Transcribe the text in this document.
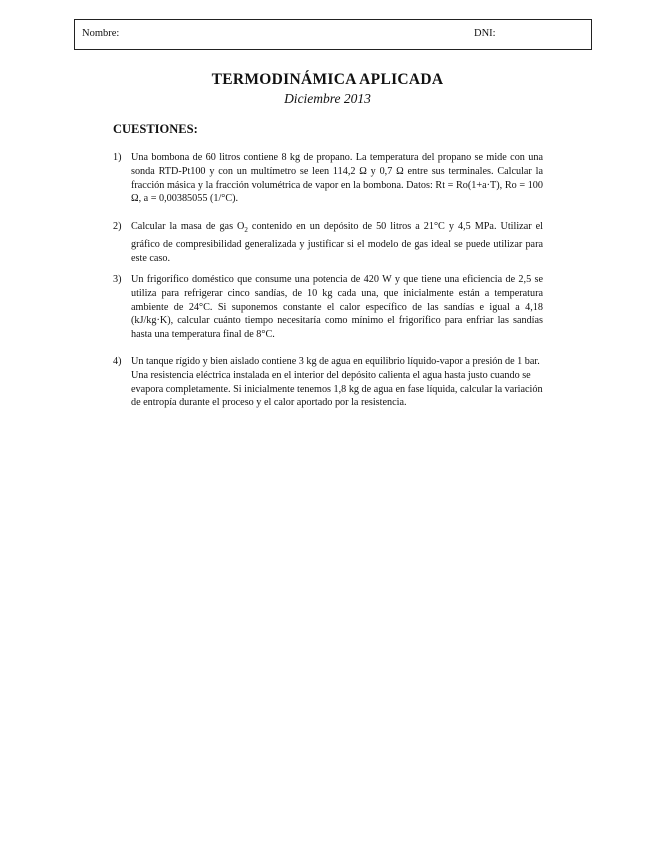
Nombre:	DNI:
TERMODINÁMICA APLICADA
Diciembre 2013
CUESTIONES:
1) Una bombona de 60 litros contiene 8 kg de propano. La temperatura del propano se mide con una sonda RTD-Pt100 y con un multímetro se leen 114,2 Ω y 0,7 Ω entre sus terminales. Calcular la fracción másica y la fracción volumétrica de vapor en la bombona. Datos: Rt = Ro(1+a·T), Ro = 100 Ω, a = 0,00385055 (1/°C).
2) Calcular la masa de gas $O_2$ contenido en un depósito de 50 litros a 21°C y 4,5 MPa. Utilizar el gráfico de compresibilidad generalizada y justificar si el modelo de gas ideal se puede utilizar para este caso.
3) Un frigorífico doméstico que consume una potencia de 420 W y que tiene una eficiencia de 2,5 se utiliza para refrigerar cinco sandías, de 10 kg cada una, que inicialmente están a temperatura ambiente de 24°C. Si suponemos constante el calor específico de las sandías e igual a 4,18 (kJ/kg·K), calcular cuánto tiempo necesitaría como mínimo el frigorífico para enfriar las sandías hasta una temperatura final de 8°C.
4) Un tanque rígido y bien aislado contiene 3 kg de agua en equilibrio líquido-vapor a presión de 1 bar. Una resistencia eléctrica instalada en el interior del depósito calienta el agua hasta justo cuando se evapora completamente. Si inicialmente tenemos 1,8 kg de agua en fase líquida, calcular la variación de entropía durante el proceso y el calor aportado por la resistencia.
